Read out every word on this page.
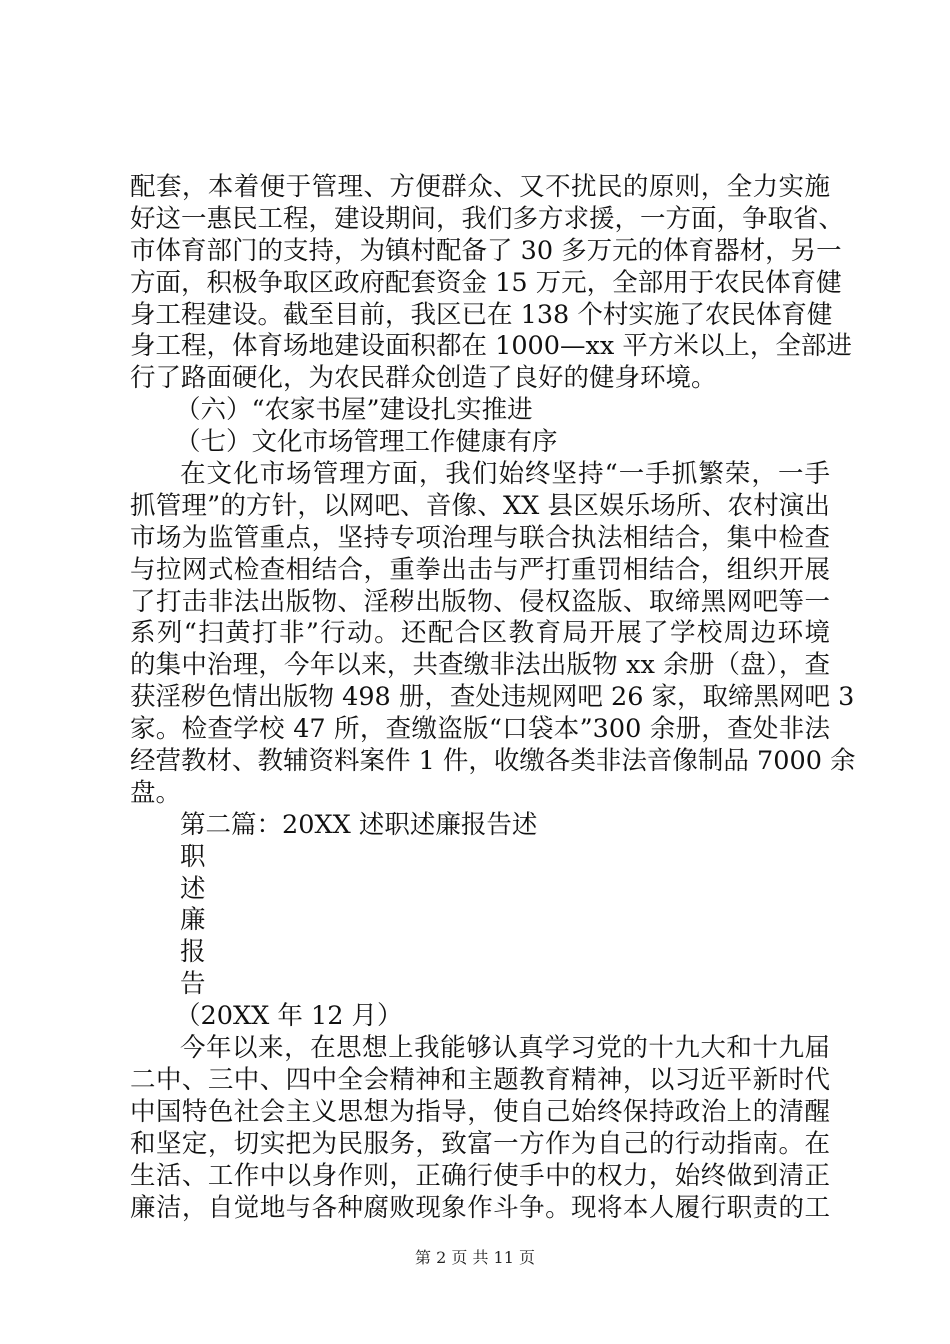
配套，本着便于管理、方便群众、又不扰民的原则，全力实施
好这一惠民工程，建设期间，我们多方求援，一方面，争取省、
市体育部门的支持，为镇村配备了 30 多万元的体育器材，另一
方面，积极争取区政府配套资金 15 万元，全部用于农民体育健
身工程建设。截至目前，我区已在 138 个村实施了农民体育健
身工程，体育场地建设面积都在 1000—xx 平方米以上，全部进
行了路面硬化，为农民群众创造了良好的健身环境。
（六）“农家书屋”建设扎实推进
（七）文化市场管理工作健康有序
在文化市场管理方面，我们始终坚持“一手抓繁荣，一手
抓管理”的方针，以网吧、音像、XX 县区娱乐场所、农村演出
市场为监管重点，坚持专项治理与联合执法相结合，集中检查
与拉网式检查相结合，重拳出击与严打重罚相结合，组织开展
了打击非法出版物、淫秽出版物、侵权盗版、取缔黑网吧等一
系列“扫黄打非”行动。还配合区教育局开展了学校周边环境
的集中治理，今年以来，共查缴非法出版物 xx 余册（盘），查
获淫秽色情出版物 498 册，查处违规网吧 26 家，取缔黑网吧 3
家。检查学校 47 所，查缴盗版“口袋本”300 余册，查处非法
经营教材、教辅资料案件 1 件，收缴各类非法音像制品 7000 余
盘。
第二篇：20XX 述职述廉报告述
职
述
廉
报
告
（20XX 年 12 月）
今年以来，在思想上我能够认真学习党的十九大和十九届
二中、三中、四中全会精神和主题教育精神，以习近平新时代
中国特色社会主义思想为指导，使自己始终保持政治上的清醒
和坚定，切实把为民服务，致富一方作为自己的行动指南。在
生活、工作中以身作则，正确行使手中的权力，始终做到清正
廉洁，自觉地与各种腐败现象作斗争。现将本人履行职责的工
第 2 页 共 11 页
